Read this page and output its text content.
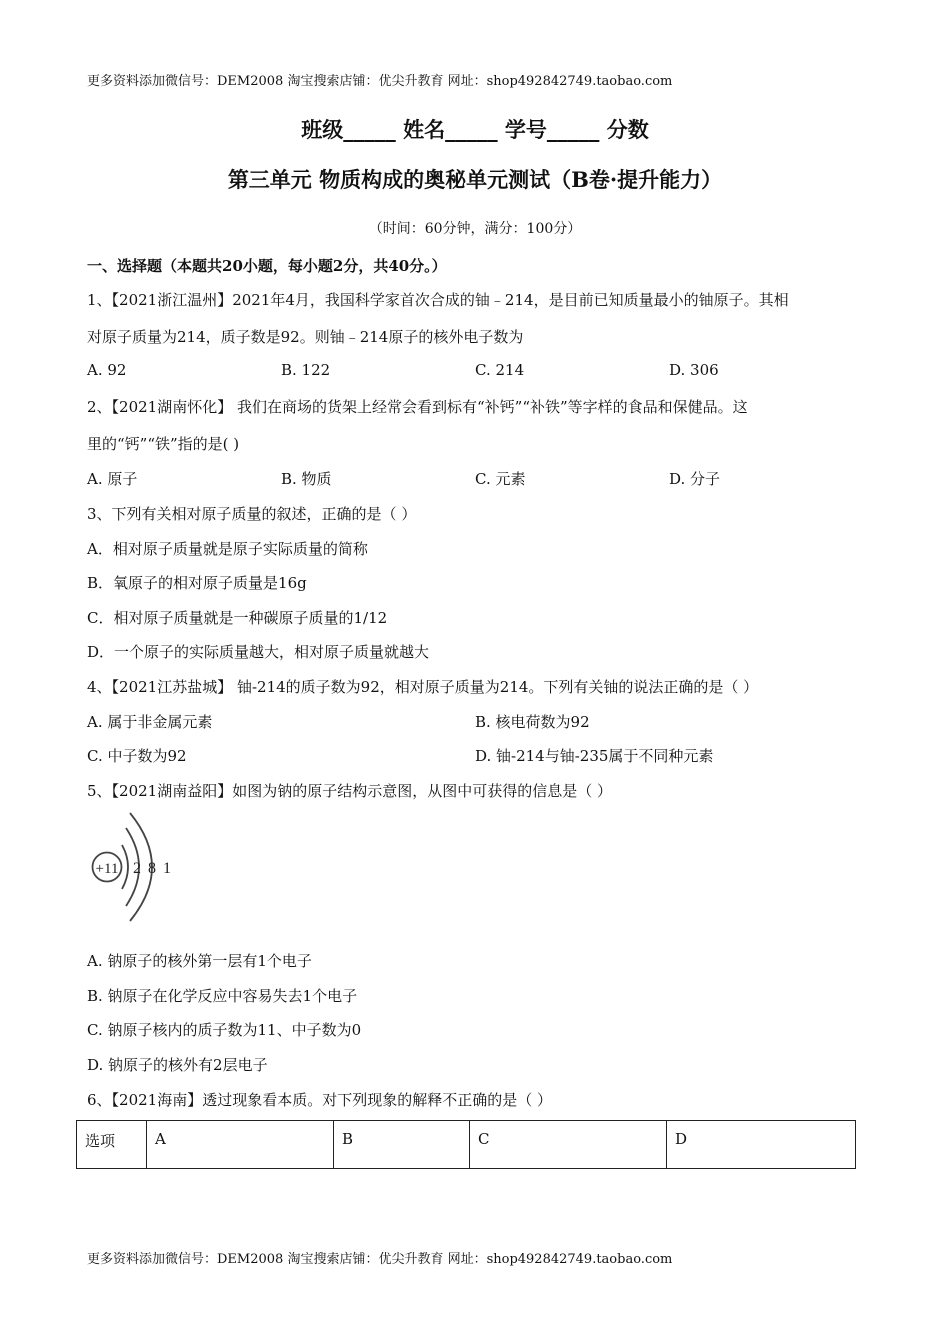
更多资料添加微信号：DEM2008 淘宝搜索店铺：优尖升教育 网址：shop492842749.taobao.com
班级_____ 姓名_____ 学号_____ 分数
第三单元 物质构成的奥秘单元测试（B卷·提升能力）
（时间：60分钟，满分：100分）
一、选择题（本题共20小题，每小题2分，共40分。）
1、【2021浙江温州】2021年4月，我国科学家首次合成的铀﹣214，是目前已知质量最小的铀原子。其相
对原子质量为214，质子数是92。则铀﹣214原子的核外电子数为
A. 92	B. 122	C. 214	D. 306
2、【2021湖南怀化】 我们在商场的货架上经常会看到标有“补钙”“补铁”等字样的食品和保健品。这
里的“钙”“铁”指的是( )
A. 原子	B. 物质	C. 元素	D. 分子
3、下列有关相对原子质量的叙述，正确的是（ ）
A．相对原子质量就是原子实际质量的简称
B．氧原子的相对原子质量是16g
C．相对原子质量就是一种碳原子质量的1/12
D．一个原子的实际质量越大，相对原子质量就越大
4、【2021江苏盐城】 铀-214的质子数为92，相对原子质量为214。下列有关铀的说法正确的是（ ）
A. 属于非金属元素	B. 核电荷数为92
C. 中子数为92	D. 铀-214与铀-235属于不同种元素
5、【2021湖南益阳】如图为钠的原子结构示意图，从图中可获得的信息是（ ）
+11 2 8 1
A. 钠原子的核外第一层有1个电子
B. 钠原子在化学反应中容易失去1个电子
C. 钠原子核内的质子数为11、中子数为0
D. 钠原子的核外有2层电子
6、【2021海南】透过现象看本质。对下列现象的解释不正确的是（ ）
选项	A	B	C	D
更多资料添加微信号：DEM2008 淘宝搜索店铺：优尖升教育 网址：shop492842749.taobao.com
